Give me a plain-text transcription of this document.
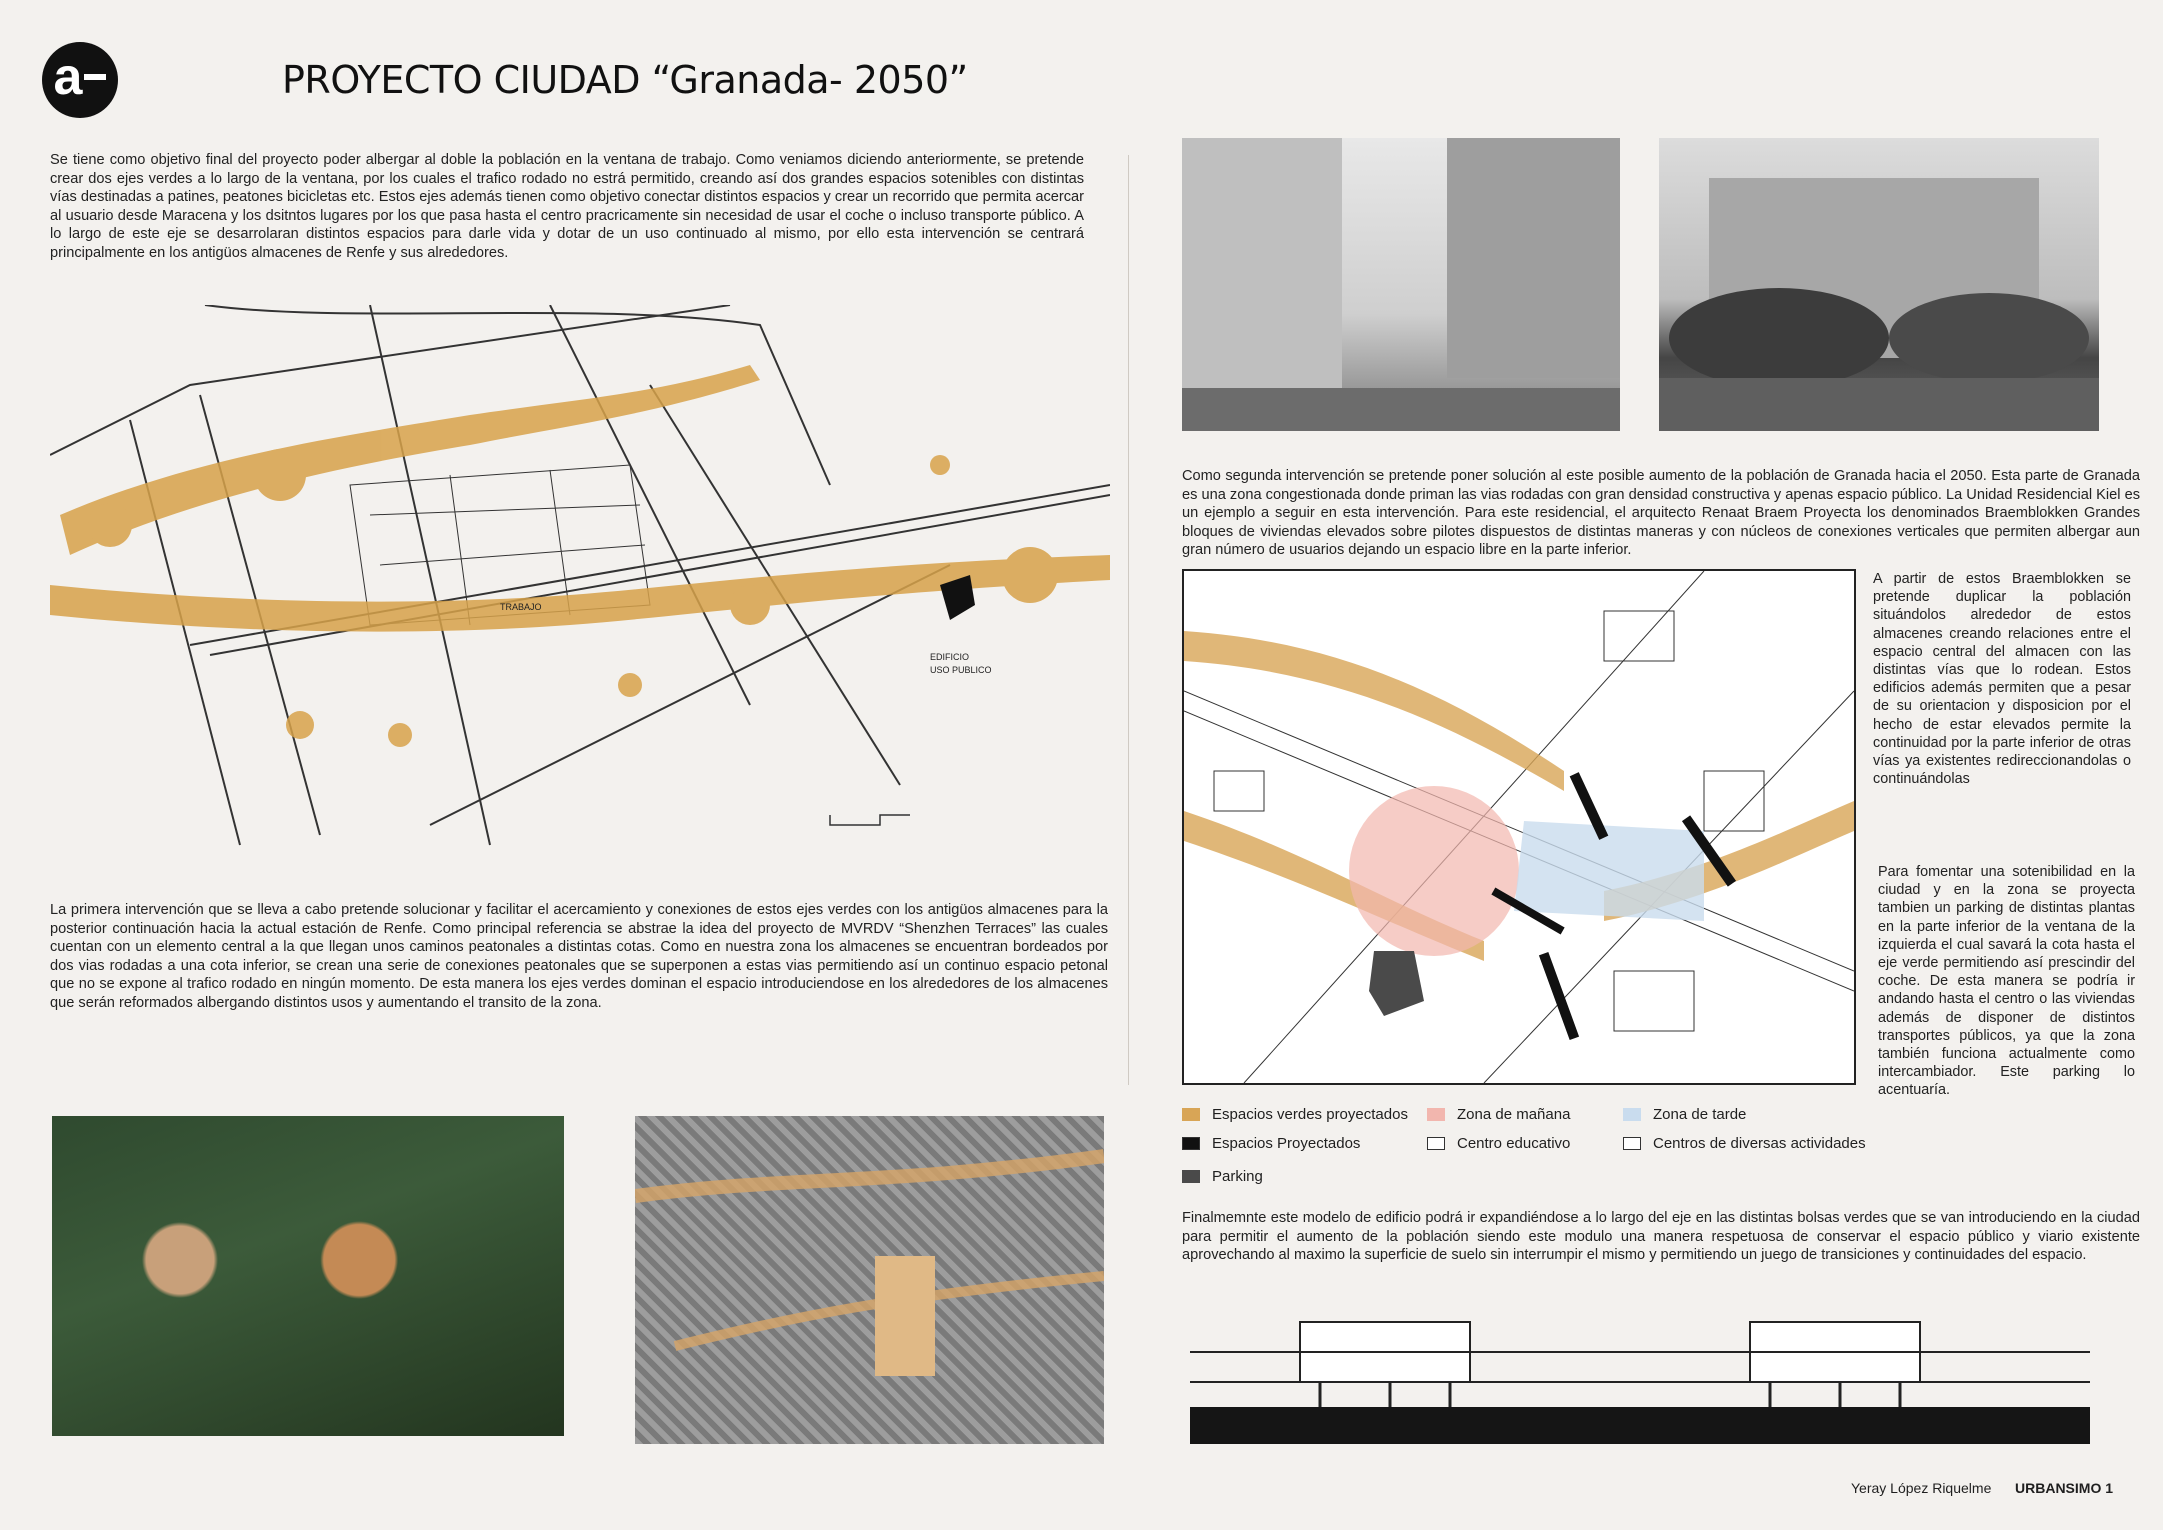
a	PROYECTO CIUDAD “Granada- 2050”
Se tiene como objetivo final del proyecto poder albergar al doble la población en la ventana de trabajo. Como veniamos diciendo anteriormente, se pretende crear dos ejes verdes a lo largo de la ventana, por los cuales el trafico rodado no estrá permitido, creando así dos grandes espacios sotenibles con distintas vías destinadas a patines, peatones bicicletas etc. Estos ejes además tienen como objetivo conectar distintos espacios y crear un recorrido que permita acercar al usuario desde Maracena y los dsitntos lugares por los que pasa hasta el centro pracricamente sin necesidad de usar el coche o incluso transporte público. A lo largo de este eje se desarrolaran distintos espacios para darle vida y dotar de un uso continuado al mismo, por ello esta intervención se centrará principalmente en los antigüos almacenes de Renfe y sus alrededores.
EDIFICIO
USO PUBLICO
TRABAJO
La primera intervención que se lleva a cabo pretende solucionar y facilitar el acercamiento y conexiones de estos ejes verdes con los antigüos almacenes para la posterior continuación hacia la actual estación de Renfe. Como principal referencia se abstrae la idea del proyecto de MVRDV “Shenzhen Terraces” las cuales cuentan con un elemento central a la que llegan unos caminos peatonales a distintas cotas. Como en nuestra zona los almacenes se encuentran bordeados por dos vias rodadas a una cota inferior, se crean una serie de conexiones peatonales que se superponen a estas vias permitiendo así un continuo espacio petonal que no se expone al trafico rodado en ningún momento. De esta manera los ejes verdes dominan el espacio introduciendose en los alrededores de los almacenes que serán reformados albergando distintos usos y aumentando el transito de la zona.
Como segunda intervención se pretende poner solución al este posible aumento de la población de Granada hacia el 2050. Esta parte de Granada es una zona congestionada donde priman las vias rodadas con gran densidad constructiva y apenas espacio público. La Unidad Residencial Kiel es un ejemplo a seguir en esta intervención. Para este residencial, el arquitecto Renaat Braem Proyecta los denominados Braemblokken Grandes bloques de viviendas elevados sobre pilotes dispuestos de distintas maneras y con núcleos de conexiones verticales que permiten albergar aun gran número de usuarios dejando un espacio libre en la parte inferior.
A partir de estos Braemblokken se pretende duplicar la población situándolos alrededor de estos almacenes creando relaciones entre el espacio central del almacen con las distintas vías que lo rodean. Estos edificios además permiten que a pesar de su orientacion y disposicion por el hecho de estar elevados permite la continuidad por la parte inferior de otras vías ya existentes redireccionandolas o continuándolas
Para fomentar una sotenibilidad en la ciudad y en la zona se proyecta tambien un parking de distintas plantas en la parte inferior de la ventana de la izquierda el cual savará la cota hasta el eje verde permitiendo así prescindir del coche. De esta manera se podría ir andando hasta el centro o las viviendas además de disponer de distintos transportes públicos, ya que la zona también funciona actualmente como intercambiador. Este parking lo acentuaría.
Espacios verdes proyectados	Zona de mañana	Zona de tarde
Espacios Proyectados	Centro educativo	Centros de diversas actividades
Parking
Finalmemnte este modelo de edificio podrá ir expandiéndose a lo largo del eje en las distintas bolsas verdes que se van introduciendo en la ciudad para permitir el aumento de la población siendo este modulo una manera respetuosa de conservar el espacio público y viario existente aprovechando al maximo la superficie de suelo sin interrumpir el mismo y permitiendo un juego de transiciones y continuidades del espacio.
Yeray López Riquelme URBANSIMO 1
